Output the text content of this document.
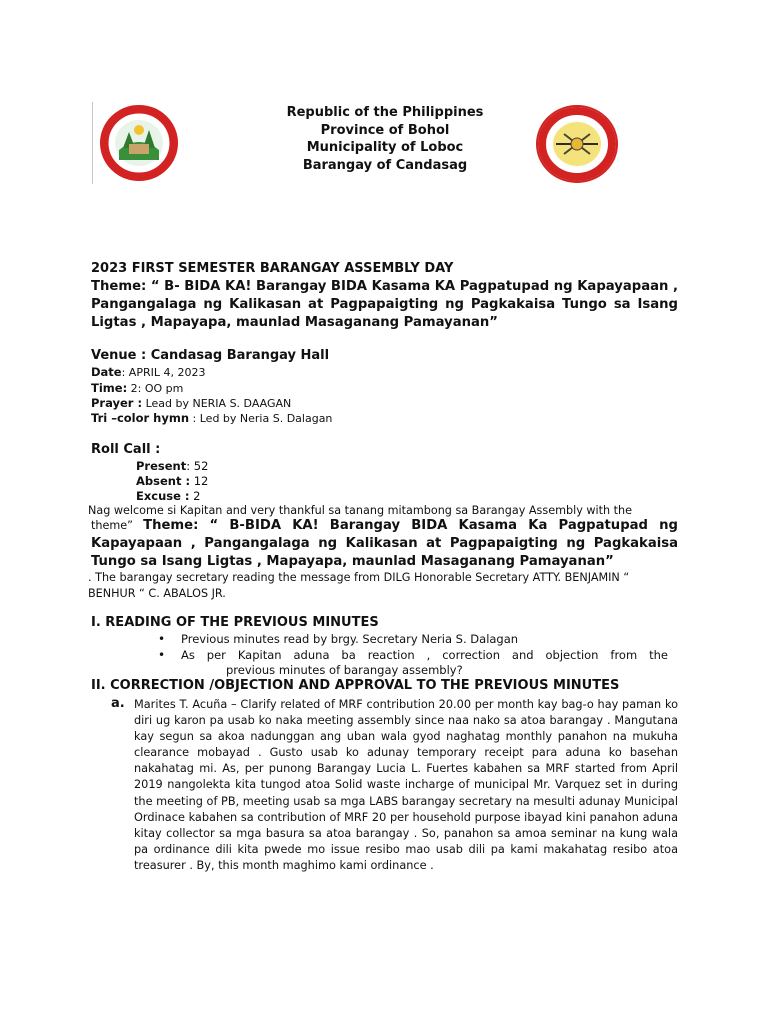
Republic of the Philippines
Province of Bohol
Municipality of Loboc
Barangay of Candasag
2023 FIRST SEMESTER BARANGAY ASSEMBLY DAY
Theme: “ B- BIDA KA! Barangay BIDA Kasama KA Pagpatupad ng Kapayapaan , Pangangalaga ng Kalikasan at Pagpapaigting ng Pagkakaisa Tungo sa Isang Ligtas , Mapayapa, maunlad Masaganang Pamayanan”
Venue : Candasag Barangay Hall
Date: APRIL 4, 2023
Time: 2: OO pm
Prayer : Lead by NERIA S. DAAGAN
Tri –color hymn : Led by Neria S. Dalagan
Roll Call :
Present: 52
Absent : 12
Excuse : 2
Nag welcome si Kapitan and very thankful sa tanang mitambong sa Barangay Assembly with the
theme” Theme: “ B-BIDA KA! Barangay BIDA Kasama Ka Pagpatupad ng Kapayapaan , Pangangalaga ng Kalikasan at Pagpapaigting ng Pagkakaisa Tungo sa Isang Ligtas , Mapayapa, maunlad Masaganang Pamayanan”
. The barangay secretary reading the message from DILG Honorable Secretary ATTY. BENJAMIN “ BENHUR “ C. ABALOS JR.
I. READING OF THE PREVIOUS MINUTES
• Previous minutes read by brgy. Secretary Neria S. Dalagan
• As per Kapitan aduna ba reaction , correction and objection from the
previous minutes of barangay assembly?
II. CORRECTION /OBJECTION AND APPROVAL TO THE PREVIOUS MINUTES
a. Marites T. Acuña – Clarify related of MRF contribution 20.00 per month kay bag-o hay paman ko diri ug karon pa usab ko naka meeting assembly since naa nako sa atoa barangay . Mangutana kay segun sa akoa nadunggan ang uban wala gyod naghatag monthly panahon na mukuha clearance mobayad . Gusto usab ko adunay temporary receipt para aduna ko basehan nakahatag mi. As, per punong Barangay Lucia L. Fuertes kabahen sa MRF started from April 2019 nangolekta kita tungod atoa Solid waste incharge of municipal Mr. Varquez set in during the meeting of PB, meeting usab sa mga LABS barangay secretary na mesulti adunay Municipal Ordinace kabahen sa contribution of MRF 20 per household purpose ibayad kini panahon aduna kitay collector sa mga basura sa atoa barangay . So, panahon sa amoa seminar na kung wala pa ordinance dili kita pwede mo issue resibo mao usab dili pa kami makahatag resibo atoa treasurer . By, this month maghimo kami ordinance .
